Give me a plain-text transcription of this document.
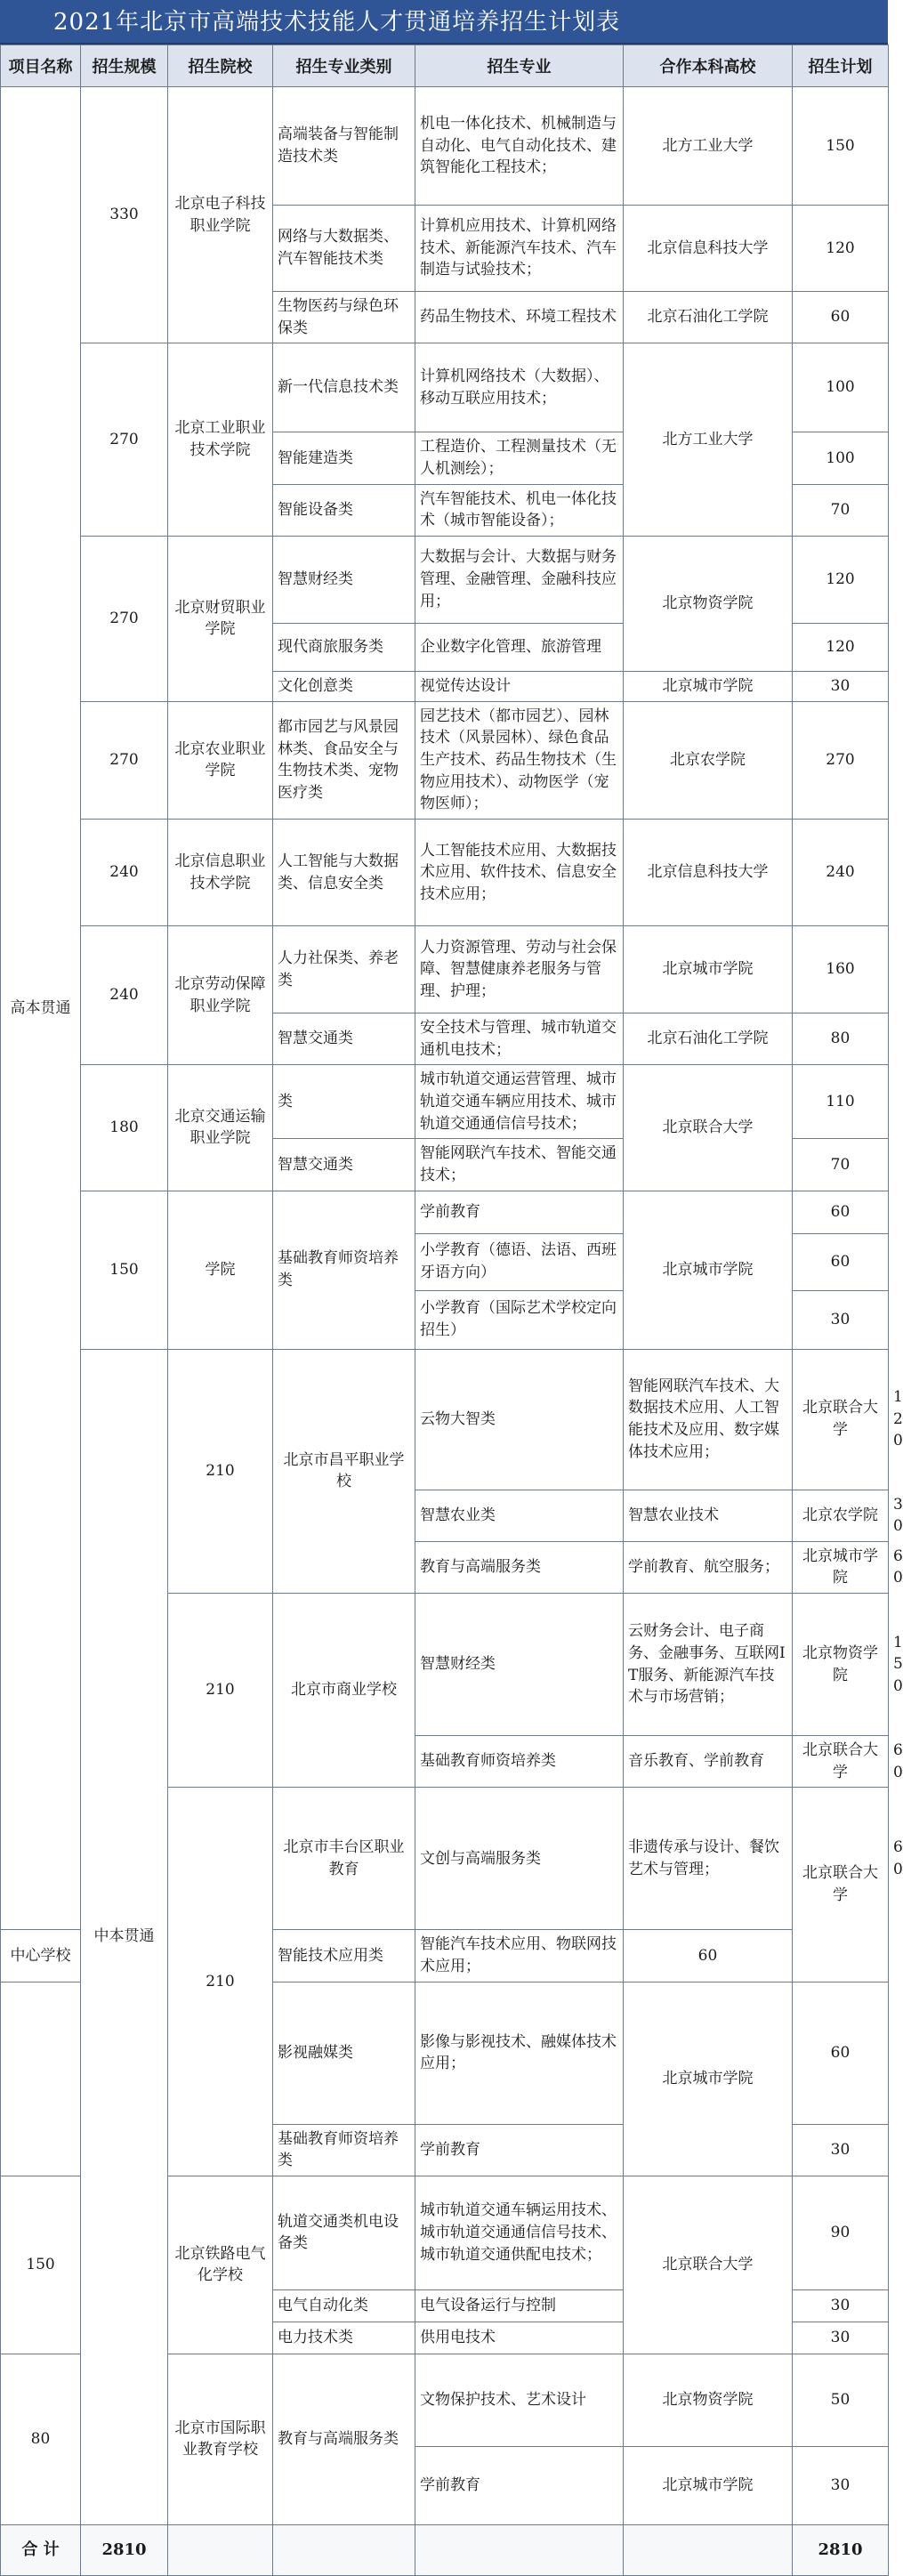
2021年北京市高端技术技能人才贯通培养招生计划表
项目名称	招生规模	招生院校	招生专业类别	招生专业	合作本科高校	招生计划	
高本贯通	330	北京电子科技职业学院	高端装备与智能制造技术类	机电一体化技术、机械制造与自动化、电气自动化技术、建筑智能化工程技术；	北方工业大学	150	
			网络与大数据类、汽车智能技术类	计算机应用技术、计算机网络技术、新能源汽车技术、汽车制造与试验技术；	北京信息科技大学	120	
			生物医药与绿色环保类	药品生物技术、环境工程技术	北京石油化工学院	60	
	270	北京工业职业技术学院	新一代信息技术类	计算机网络技术（大数据）、移动互联应用技术；	北方工业大学	100	
			智能建造类	工程造价、工程测量技术（无人机测绘）；		100	
			智能设备类	汽车智能技术、机电一体化技术（城市智能设备）；		70	
	270	北京财贸职业学院	智慧财经类	大数据与会计、大数据与财务管理、金融管理、金融科技应用；	北京物资学院	120	
			现代商旅服务类	企业数字化管理、旅游管理		120	
			文化创意类	视觉传达设计	北京城市学院	30	
	270	北京农业职业学院	都市园艺与风景园林类、食品安全与生物技术类、宠物医疗类	园艺技术（都市园艺）、园林技术（风景园林）、绿色食品生产技术、药品生物技术（生物应用技术）、动物医学（宠物医师）；	北京农学院	270	
	240	北京信息职业技术学院	人工智能与大数据类、信息安全类	人工智能技术应用、大数据技术应用、软件技术、信息安全技术应用；	北京信息科技大学	240	
	240	北京劳动保障职业学院	人力社保类、养老类	人力资源管理、劳动与社会保障、智慧健康养老服务与管理、护理；	北京城市学院	160	
			智慧交通类	安全技术与管理、城市轨道交通机电技术；	北京石油化工学院	80	
	180	北京交通运输职业学院	类	城市轨道交通运营管理、城市轨道交通车辆应用技术、城市轨道交通通信信号技术；	北京联合大学	110	
			智慧交通类	智能网联汽车技术、智能交通技术；		70	
	150	学院	基础教育师资培养类	学前教育	北京城市学院	60	
				小学教育（德语、法语、西班牙语方向）		60	
				小学教育（国际艺术学校定向招生）		30	
	中本贯通	210	北京市昌平职业学校	云物大智类	智能网联汽车技术、大数据技术应用、人工智能技术及应用、数字媒体技术应用；	北京联合大学	120
				智慧农业类	智慧农业技术	北京农学院	30
				教育与高端服务类	学前教育、航空服务；	北京城市学院	60
		210	北京市商业学校	智慧财经类	云财务会计、电子商务、金融事务、互联网IT服务、新能源汽车技术与市场营销；	北京物资学院	150
				基础教育师资培养类	音乐教育、学前教育	北京联合大学	60
		210	北京市丰台区职业教育	文创与高端服务类	非遗传承与设计、餐饮艺术与管理；	北京联合大学	60
中心学校			智能技术应用类	智能汽车技术应用、物联网技术应用；	60		
			影视融媒类	影像与影视技术、融媒体技术应用；	北京城市学院	60	
			基础教育师资培养类	学前教育		30	
150		北京铁路电气化学校	轨道交通类机电设备类	城市轨道交通车辆运用技术、城市轨道交通通信信号技术、城市轨道交通供配电技术；	北京联合大学	90	
			电气自动化类	电气设备运行与控制		30	
			电力技术类	供用电技术		30	
80		北京市国际职业教育学校	教育与高端服务类	文物保护技术、艺术设计	北京物资学院	50	
				学前教育	北京城市学院	30	
合 计	2810					2810	
